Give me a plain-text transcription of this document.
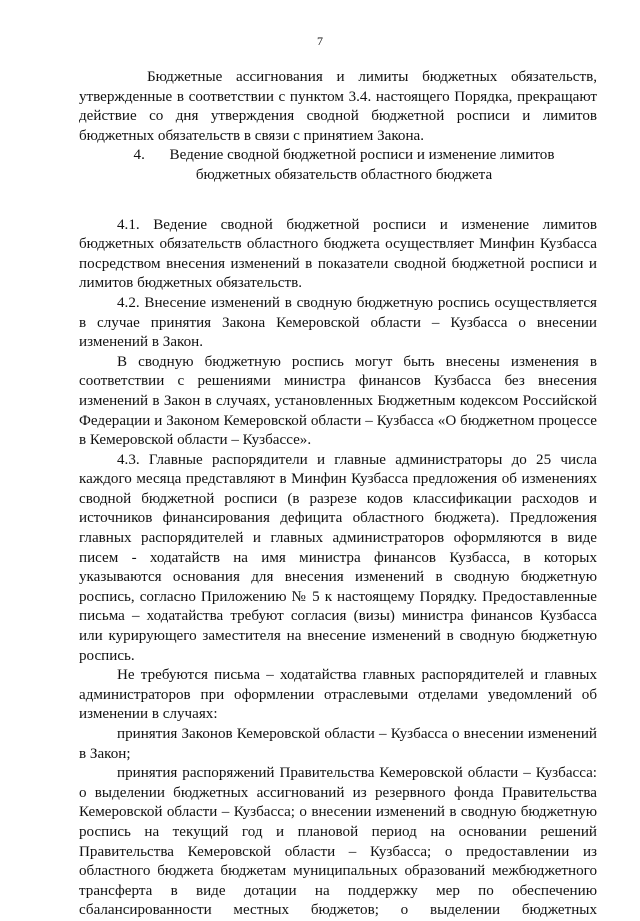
7

Бюджетные ассигнования и лимиты бюджетных обязательств, утвержденные в соответствии с пунктом 3.4. настоящего Порядка, прекращают действие со дня утверждения сводной бюджетной росписи и лимитов бюджетных обязательств в связи с принятием Закона.

4. Ведение сводной бюджетной росписи и изменение лимитов
бюджетных обязательств областного бюджета

4.1. Ведение сводной бюджетной росписи и изменение лимитов бюджетных обязательств областного бюджета осуществляет Минфин Кузбасса посредством внесения изменений в показатели сводной бюджетной росписи и лимитов бюджетных обязательств.

4.2. Внесение изменений в сводную бюджетную роспись осуществляется в случае принятия Закона Кемеровской области – Кузбасса о внесении изменений в Закон.

В сводную бюджетную роспись могут быть внесены изменения в соответствии с решениями министра финансов Кузбасса без внесения изменений в Закон в случаях, установленных Бюджетным кодексом Российской Федерации и Законом Кемеровской области – Кузбасса «О бюджетном процессе в Кемеровской области – Кузбассе».

4.3. Главные распорядители и главные администраторы до 25 числа каждого месяца представляют в Минфин Кузбасса предложения об изменениях сводной бюджетной росписи (в разрезе кодов классификации расходов и источников финансирования дефицита областного бюджета). Предложения главных распорядителей и главных администраторов оформляются в виде писем - ходатайств на имя министра финансов Кузбасса, в которых указываются основания для внесения изменений в сводную бюджетную роспись, согласно Приложению № 5 к настоящему Порядку. Предоставленные письма – ходатайства требуют согласия (визы) министра финансов Кузбасса или курирующего заместителя на внесение изменений в сводную бюджетную роспись.

Не требуются письма – ходатайства главных распорядителей и главных администраторов при оформлении отраслевыми отделами уведомлений об изменении в случаях:

принятия Законов Кемеровской области – Кузбасса о внесении изменений в Закон;

принятия распоряжений Правительства Кемеровской области – Кузбасса: о выделении бюджетных ассигнований из резервного фонда Правительства Кемеровской области – Кузбасса; о внесении изменений в сводную бюджетную роспись на текущий год и плановой период на основании решений Правительства Кемеровской области – Кузбасса; о предоставлении из областного бюджета бюджетам муниципальных образований межбюджетного трансферта в виде дотации на поддержку мер по обеспечению сбалансированности местных бюджетов; о выделении бюджетных
